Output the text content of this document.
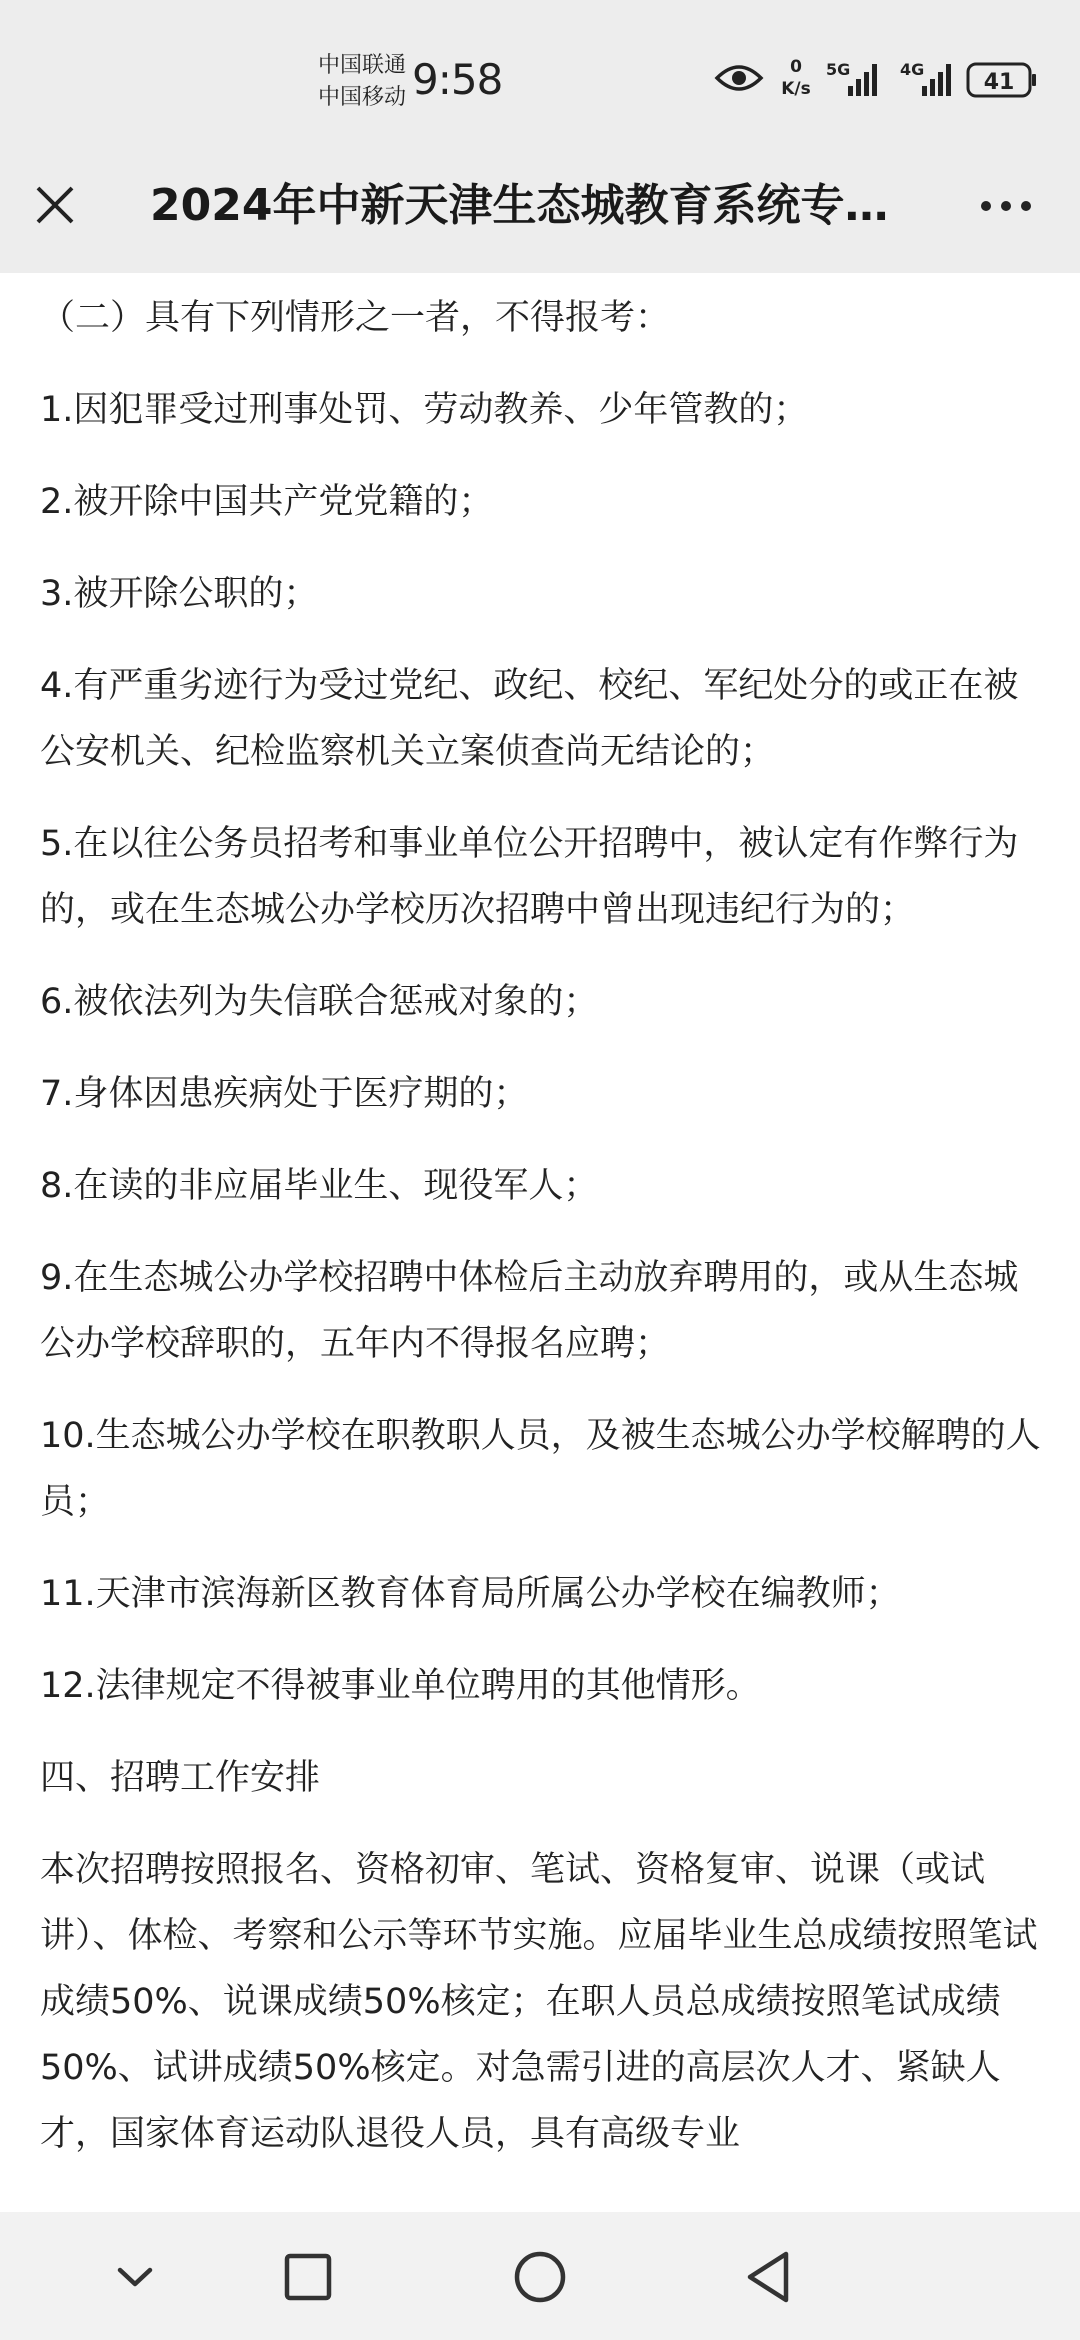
中国联通
中国移动 9:58	0
K/s
5G	4G
41
2024年中新天津生态城教育系统专…

（二）具有下列情形之一者，不得报考：

1.因犯罪受过刑事处罚、劳动教养、少年管教的；

2.被开除中国共产党党籍的；

3.被开除公职的；

4.有严重劣迹行为受过党纪、政纪、校纪、军纪处分的或正在被公安机关、纪检监察机关立案侦查尚无结论的；

5.在以往公务员招考和事业单位公开招聘中，被认定有作弊行为的，或在生态城公办学校历次招聘中曾出现违纪行为的；

6.被依法列为失信联合惩戒对象的；

7.身体因患疾病处于医疗期的；

8.在读的非应届毕业生、现役军人；

9.在生态城公办学校招聘中体检后主动放弃聘用的，或从生态城公办学校辞职的，五年内不得报名应聘；

10.生态城公办学校在职教职人员，及被生态城公办学校解聘的人员；

11.天津市滨海新区教育体育局所属公办学校在编教师；

12.法律规定不得被事业单位聘用的其他情形。

四、招聘工作安排

本次招聘按照报名、资格初审、笔试、资格复审、说课（或试讲）、体检、考察和公示等环节实施。应届毕业生总成绩按照笔试成绩50%、说课成绩50%核定；在职人员总成绩按照笔试成绩50%、试讲成绩50%核定。对急需引进的高层次人才、紧缺人才，国家体育运动队退役人员，具有高级专业
